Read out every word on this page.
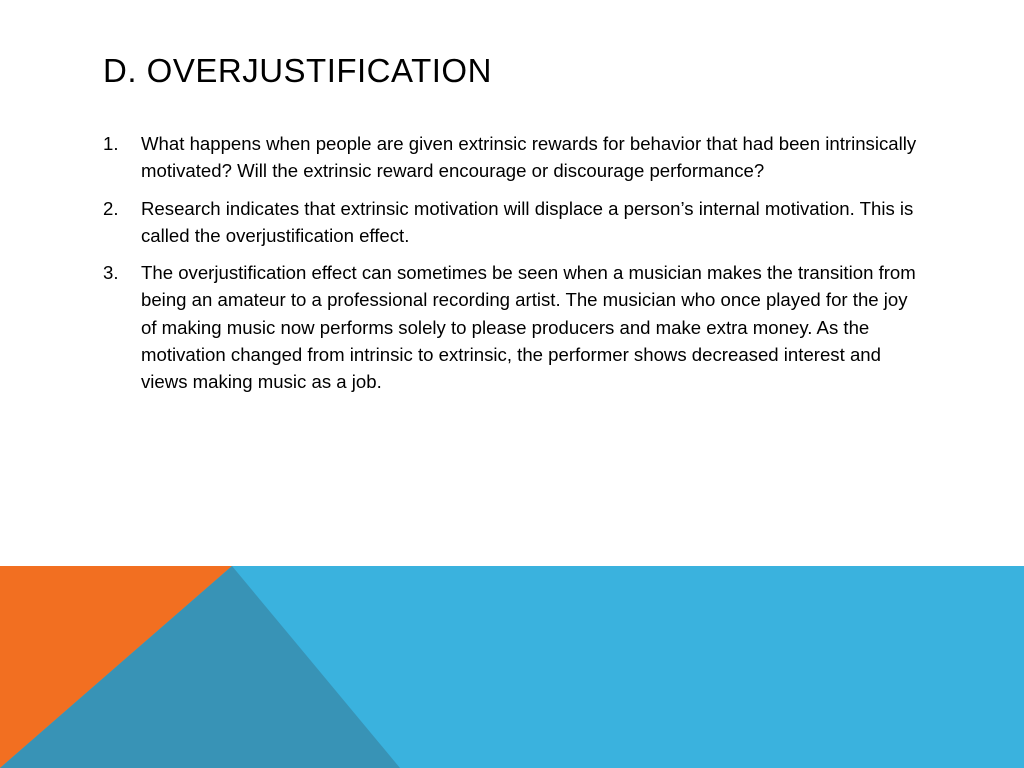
D. OVERJUSTIFICATION
1. What happens when people are given extrinsic rewards for behavior that had been intrinsically motivated? Will the extrinsic reward encourage or discourage performance?
2. Research indicates that extrinsic motivation will displace a person’s internal motivation. This is called the overjustification effect.
3. The overjustification effect can sometimes be seen when a musician makes the transition from being an amateur to a professional recording artist. The musician who once played for the joy of making music now performs solely to please producers and make extra money. As the motivation changed from intrinsic to extrinsic, the performer shows decreased interest and views making music as a job.
